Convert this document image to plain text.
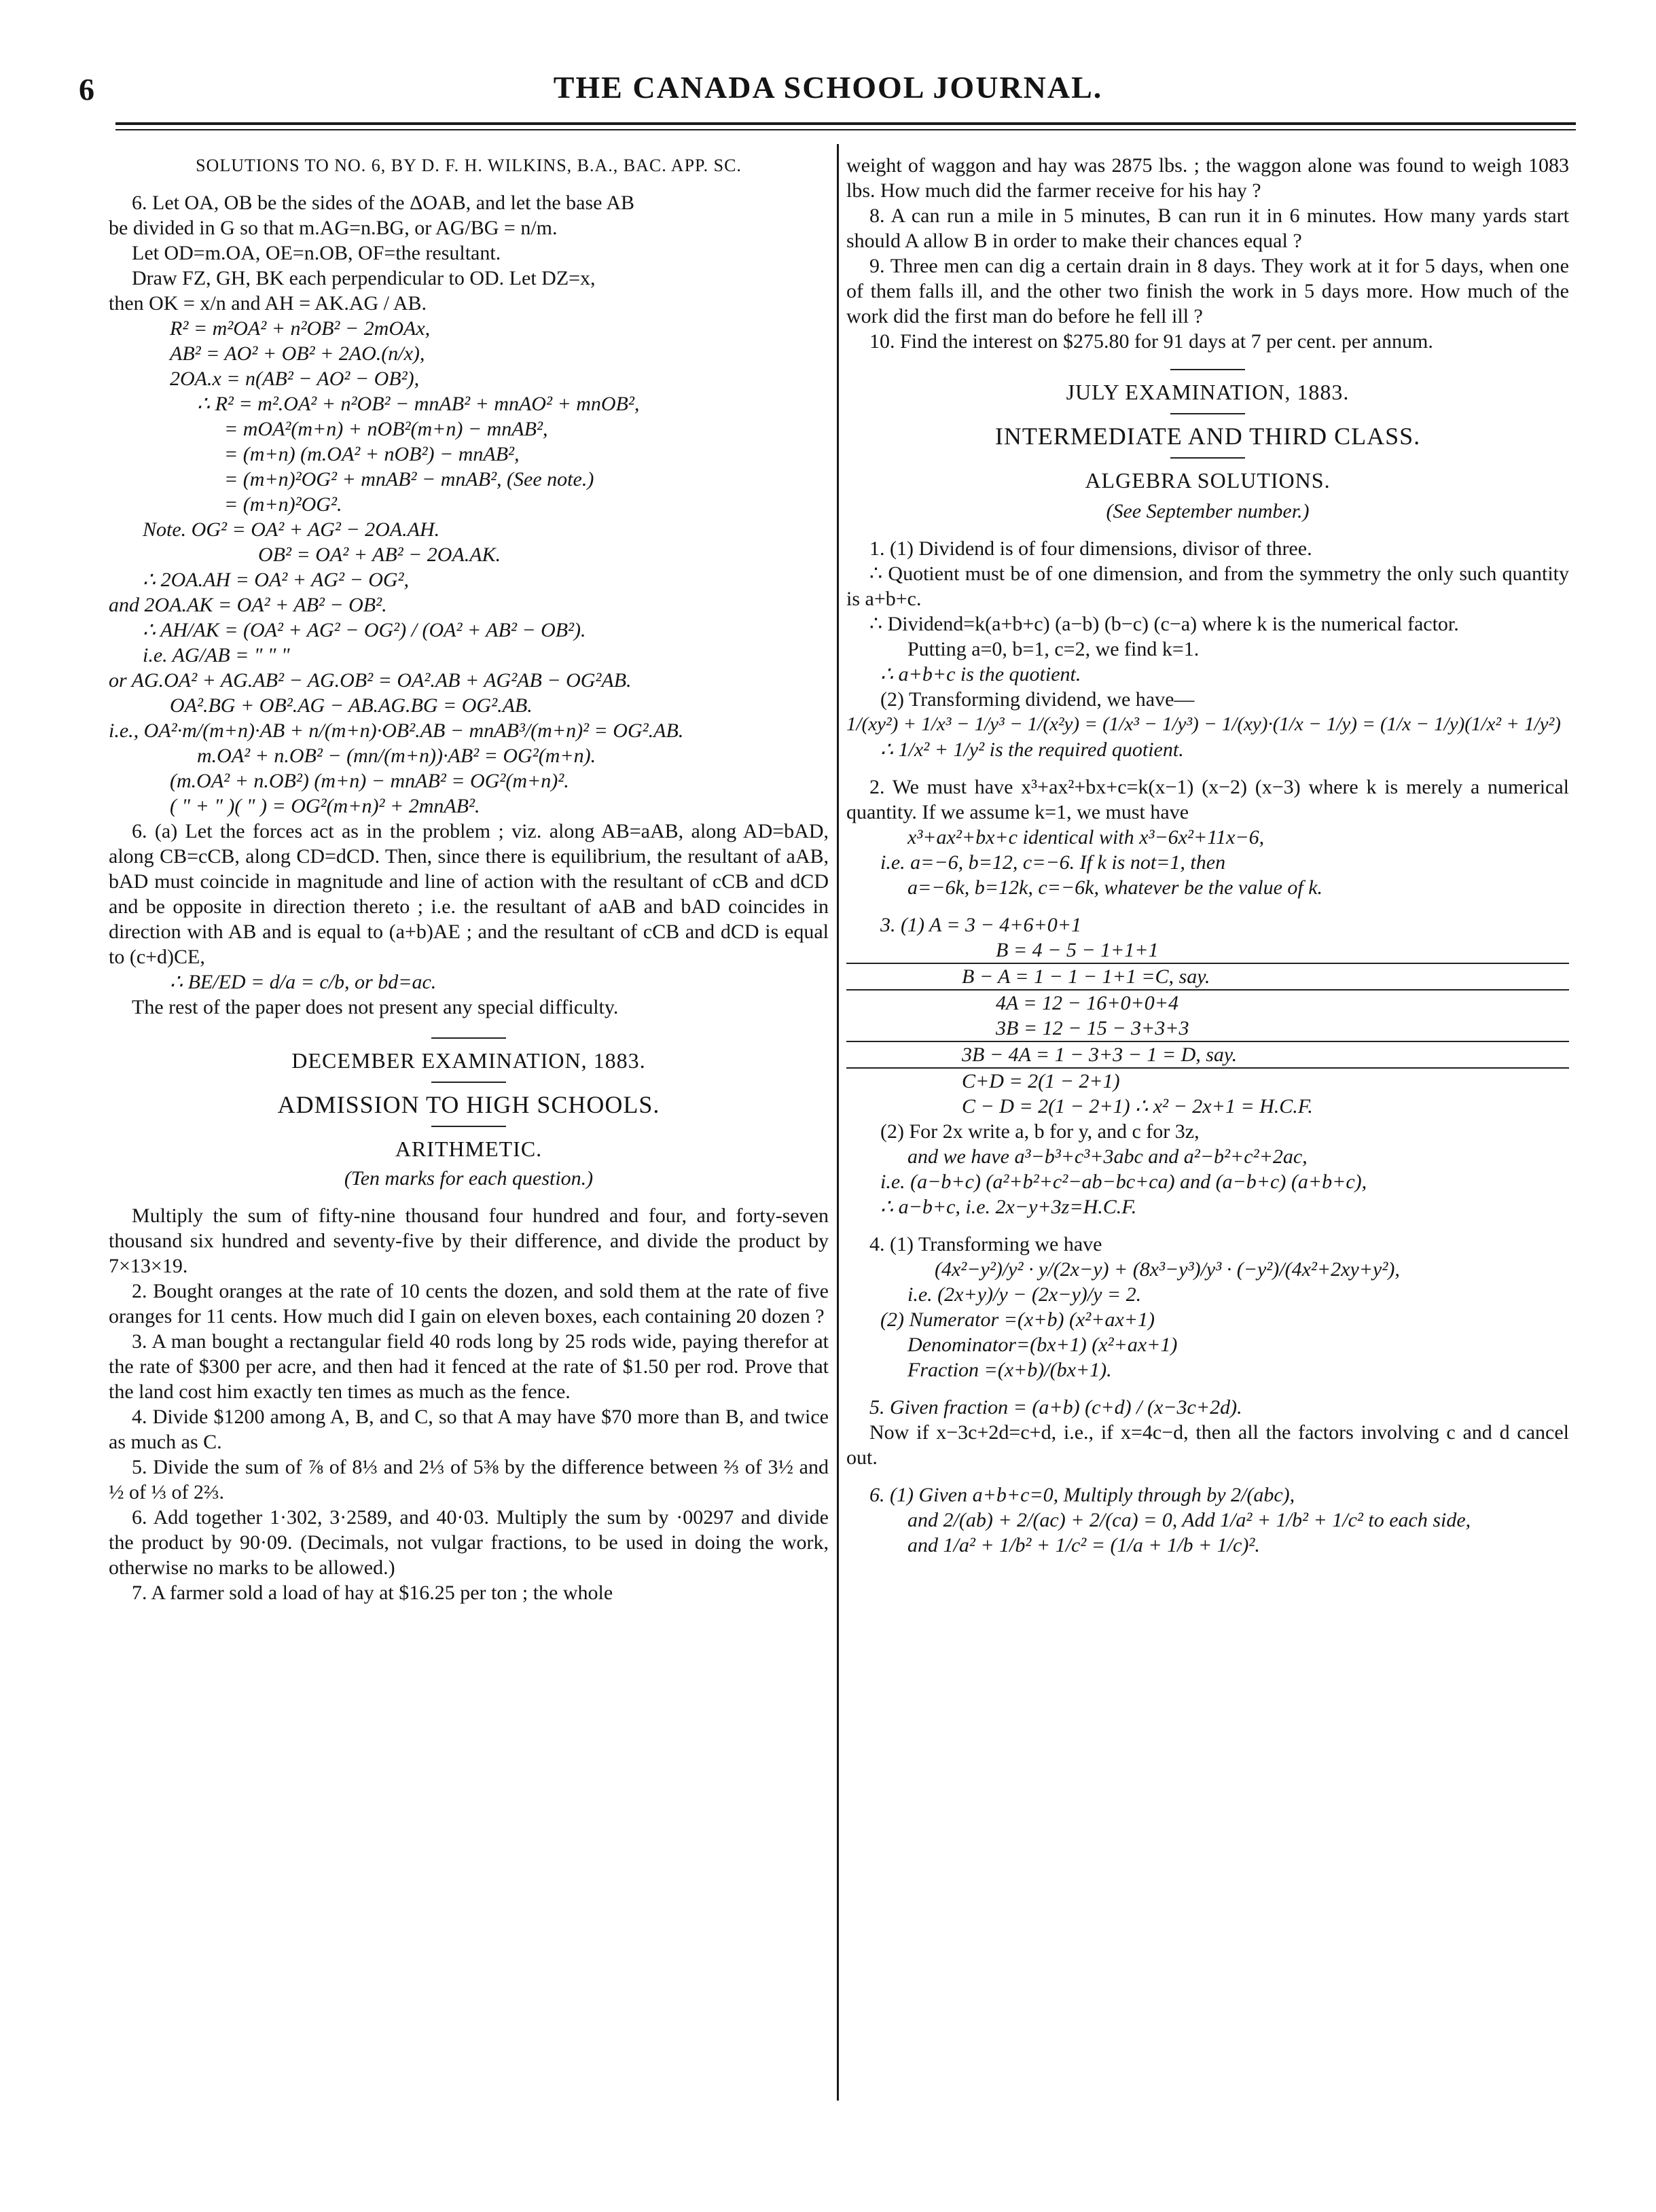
6	THE CANADA SCHOOL JOURNAL.

SOLUTIONS TO NO. 6, BY D. F. H. WILKINS, B.A., BAC. APP. SC.

6. Let OA, OB be the sides of the ΔOAB, and let the base AB

be divided in G so that m.AG=n.BG, or AG/BG = n/m.

Let OD=m.OA, OE=n.OB, OF=the resultant.

Draw FZ, GH, BK each perpendicular to OD. Let DZ=x,

then OK = x/n and AH = AK.AG / AB.

R² = m²OA² + n²OB² − 2mOAx,

AB² = AO² + OB² + 2AO.(n/x),

2OA.x = n(AB² − AO² − OB²),

∴ R² = m².OA² + n²OB² − mnAB² + mnAO² + mnOB²,

= mOA²(m+n) + nOB²(m+n) − mnAB²,

= (m+n) (m.OA² + nOB²) − mnAB²,

= (m+n)²OG² + mnAB² − mnAB², (See note.)

= (m+n)²OG².

Note. OG² = OA² + AG² − 2OA.AH.

OB² = OA² + AB² − 2OA.AK.

∴ 2OA.AH = OA² + AG² − OG²,

and 2OA.AK = OA² + AB² − OB².

∴ AH/AK = (OA² + AG² − OG²) / (OA² + AB² − OB²).

i.e. AG/AB = " " "

or AG.OA² + AG.AB² − AG.OB² = OA².AB + AG²AB − OG²AB.

OA².BG + OB².AG − AB.AG.BG = OG².AB.

i.e., OA²·m/(m+n)·AB + n/(m+n)·OB².AB − mnAB³/(m+n)² = OG².AB.

m.OA² + n.OB² − (mn/(m+n))·AB² = OG²(m+n).

(m.OA² + n.OB²) (m+n) − mnAB² = OG²(m+n)².

( " + " )( " ) = OG²(m+n)² + 2mnAB².

6. (a) Let the forces act as in the problem ; viz. along AB=aAB, along AD=bAD, along CB=cCB, along CD=dCD. Then, since there is equilibrium, the resultant of aAB, bAD must coincide in magnitude and line of action with the resultant of cCB and dCD and be opposite in direction thereto ; i.e. the resultant of aAB and bAD coincides in direction with AB and is equal to (a+b)AE ; and the resultant of cCB and dCD is equal to (c+d)CE,

∴ BE/ED = d/a = c/b, or bd=ac.

The rest of the paper does not present any special difficulty.

DECEMBER EXAMINATION, 1883.

ADMISSION TO HIGH SCHOOLS.

ARITHMETIC.

(Ten marks for each question.)

Multiply the sum of fifty-nine thousand four hundred and four, and forty-seven thousand six hundred and seventy-five by their difference, and divide the product by 7×13×19.

2. Bought oranges at the rate of 10 cents the dozen, and sold them at the rate of five oranges for 11 cents. How much did I gain on eleven boxes, each containing 20 dozen ?

3. A man bought a rectangular field 40 rods long by 25 rods wide, paying therefor at the rate of $300 per acre, and then had it fenced at the rate of $1.50 per rod. Prove that the land cost him exactly ten times as much as the fence.

4. Divide $1200 among A, B, and C, so that A may have $70 more than B, and twice as much as C.

5. Divide the sum of ⅞ of 8⅓ and 2⅓ of 5⅜ by the difference between ⅔ of 3½ and ½ of ⅓ of 2⅔.

6. Add together 1·302, 3·2589, and 40·03. Multiply the sum by ·00297 and divide the product by 90·09. (Decimals, not vulgar fractions, to be used in doing the work, otherwise no marks to be allowed.)

7. A farmer sold a load of hay at $16.25 per ton ; the whole

weight of waggon and hay was 2875 lbs. ; the waggon alone was found to weigh 1083 lbs. How much did the farmer receive for his hay ?

8. A can run a mile in 5 minutes, B can run it in 6 minutes. How many yards start should A allow B in order to make their chances equal ?

9. Three men can dig a certain drain in 8 days. They work at it for 5 days, when one of them falls ill, and the other two finish the work in 5 days more. How much of the work did the first man do before he fell ill ?

10. Find the interest on $275.80 for 91 days at 7 per cent. per annum.

JULY EXAMINATION, 1883.

INTERMEDIATE AND THIRD CLASS.

ALGEBRA SOLUTIONS.

(See September number.)

1. (1) Dividend is of four dimensions, divisor of three.

∴ Quotient must be of one dimension, and from the symmetry the only such quantity is a+b+c.

∴ Dividend=k(a+b+c) (a−b) (b−c) (c−a) where k is the numerical factor.

Putting a=0, b=1, c=2, we find k=1.

∴ a+b+c is the quotient.

(2) Transforming dividend, we have—

1/(xy²) + 1/x³ − 1/y³ − 1/(x²y) = (1/x³ − 1/y³) − 1/(xy)·(1/x − 1/y) = (1/x − 1/y)(1/x² + 1/y²)

∴ 1/x² + 1/y² is the required quotient.

2. We must have x³+ax²+bx+c=k(x−1) (x−2) (x−3) where k is merely a numerical quantity. If we assume k=1, we must have

x³+ax²+bx+c identical with x³−6x²+11x−6,

i.e. a=−6, b=12, c=−6. If k is not=1, then

a=−6k, b=12k, c=−6k, whatever be the value of k.

3. (1) A = 3 − 4+6+0+1

B = 4 − 5 − 1+1+1

B − A = 1 − 1 − 1+1 =C, say.

4A = 12 − 16+0+0+4

3B = 12 − 15 − 3+3+3

3B − 4A = 1 − 3+3 − 1 = D, say.

C+D = 2(1 − 2+1)

C − D = 2(1 − 2+1) ∴ x² − 2x+1 = H.C.F.

(2) For 2x write a, b for y, and c for 3z,

and we have a³−b³+c³+3abc and a²−b²+c²+2ac,

i.e. (a−b+c) (a²+b²+c²−ab−bc+ca) and (a−b+c) (a+b+c),

∴ a−b+c, i.e. 2x−y+3z=H.C.F.

4. (1) Transforming we have

(4x²−y²)/y² · y/(2x−y) + (8x³−y³)/y³ · (−y²)/(4x²+2xy+y²),

i.e. (2x+y)/y − (2x−y)/y = 2.

(2) Numerator =(x+b) (x²+ax+1)

Denominator=(bx+1) (x²+ax+1)

Fraction =(x+b)/(bx+1).

5. Given fraction = (a+b) (c+d) / (x−3c+2d).

Now if x−3c+2d=c+d, i.e., if x=4c−d, then all the factors involving c and d cancel out.

6. (1) Given a+b+c=0, Multiply through by 2/(abc),

and 2/(ab) + 2/(ac) + 2/(ca) = 0, Add 1/a² + 1/b² + 1/c² to each side,

and 1/a² + 1/b² + 1/c² = (1/a + 1/b + 1/c)².
